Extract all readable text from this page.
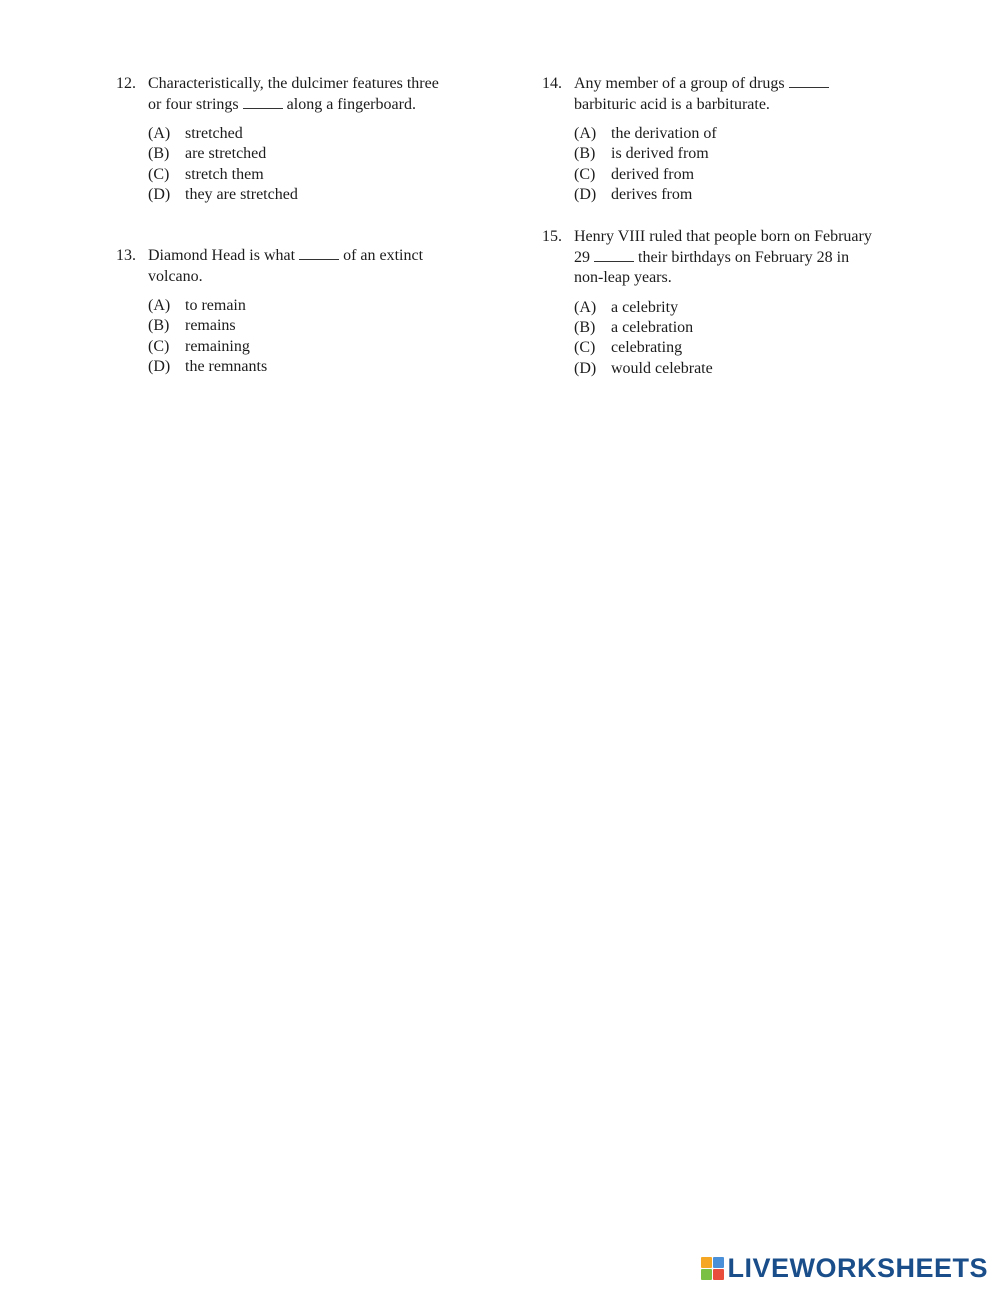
12. Characteristically, the dulcimer features three or four strings	along a fingerboard.
(A) stretched
(B) are stretched
(C) stretch them
(D) they are stretched
13. Diamond Head is what	of an extinct volcano.
(A) to remain
(B) remains
(C) remaining
(D) the remnants
14. Any member of a group of drugs  barbituric acid is a barbiturate.
(A) the derivation of
(B) is derived from
(C) derived from
(D) derives from
15. Henry VIII ruled that people born on February 29	their birthdays on February 28 in non-leap years.
(A) a celebrity
(B) a celebration
(C) celebrating
(D) would celebrate
LIVEWORKSHEETS
